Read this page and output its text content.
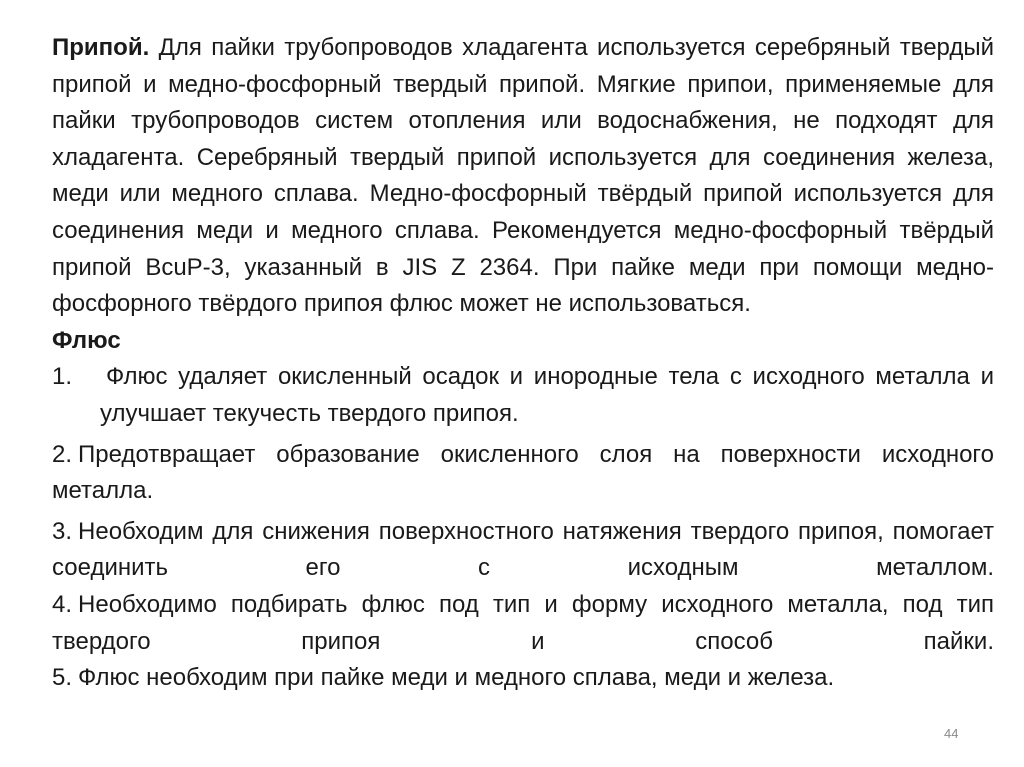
Припой. Для пайки трубопроводов хладагента используется серебряный твердый припой и медно-фосфорный твердый припой. Мягкие припои, применяемые для пайки трубопроводов систем отопления или водоснабжения, не подходят для хладагента. Серебряный твердый припой используется для соединения железа, меди или медного сплава. Медно-фосфорный твёрдый припой используется для соединения меди и медного сплава. Рекомендуется медно-фосфорный твёрдый припой BcuP-3, указанный в JIS Z 2364. При пайке меди при помощи медно-фосфорного твёрдого припоя флюс может не использоваться.

Флюс

1. Флюс удаляет окисленный осадок и инородные тела с исходного металла и улучшает текучесть твердого припоя.

2. Предотвращает образование окисленного слоя на поверхности исходного металла.

3. Необходим для снижения поверхностного натяжения твердого припоя, помогает соединить его с исходным металлом.

4. Необходимо подбирать флюс под тип и форму исходного металла, под тип твердого припоя и способ пайки.

5. Флюс необходим при пайке меди и медного сплава, меди и железа.

44
